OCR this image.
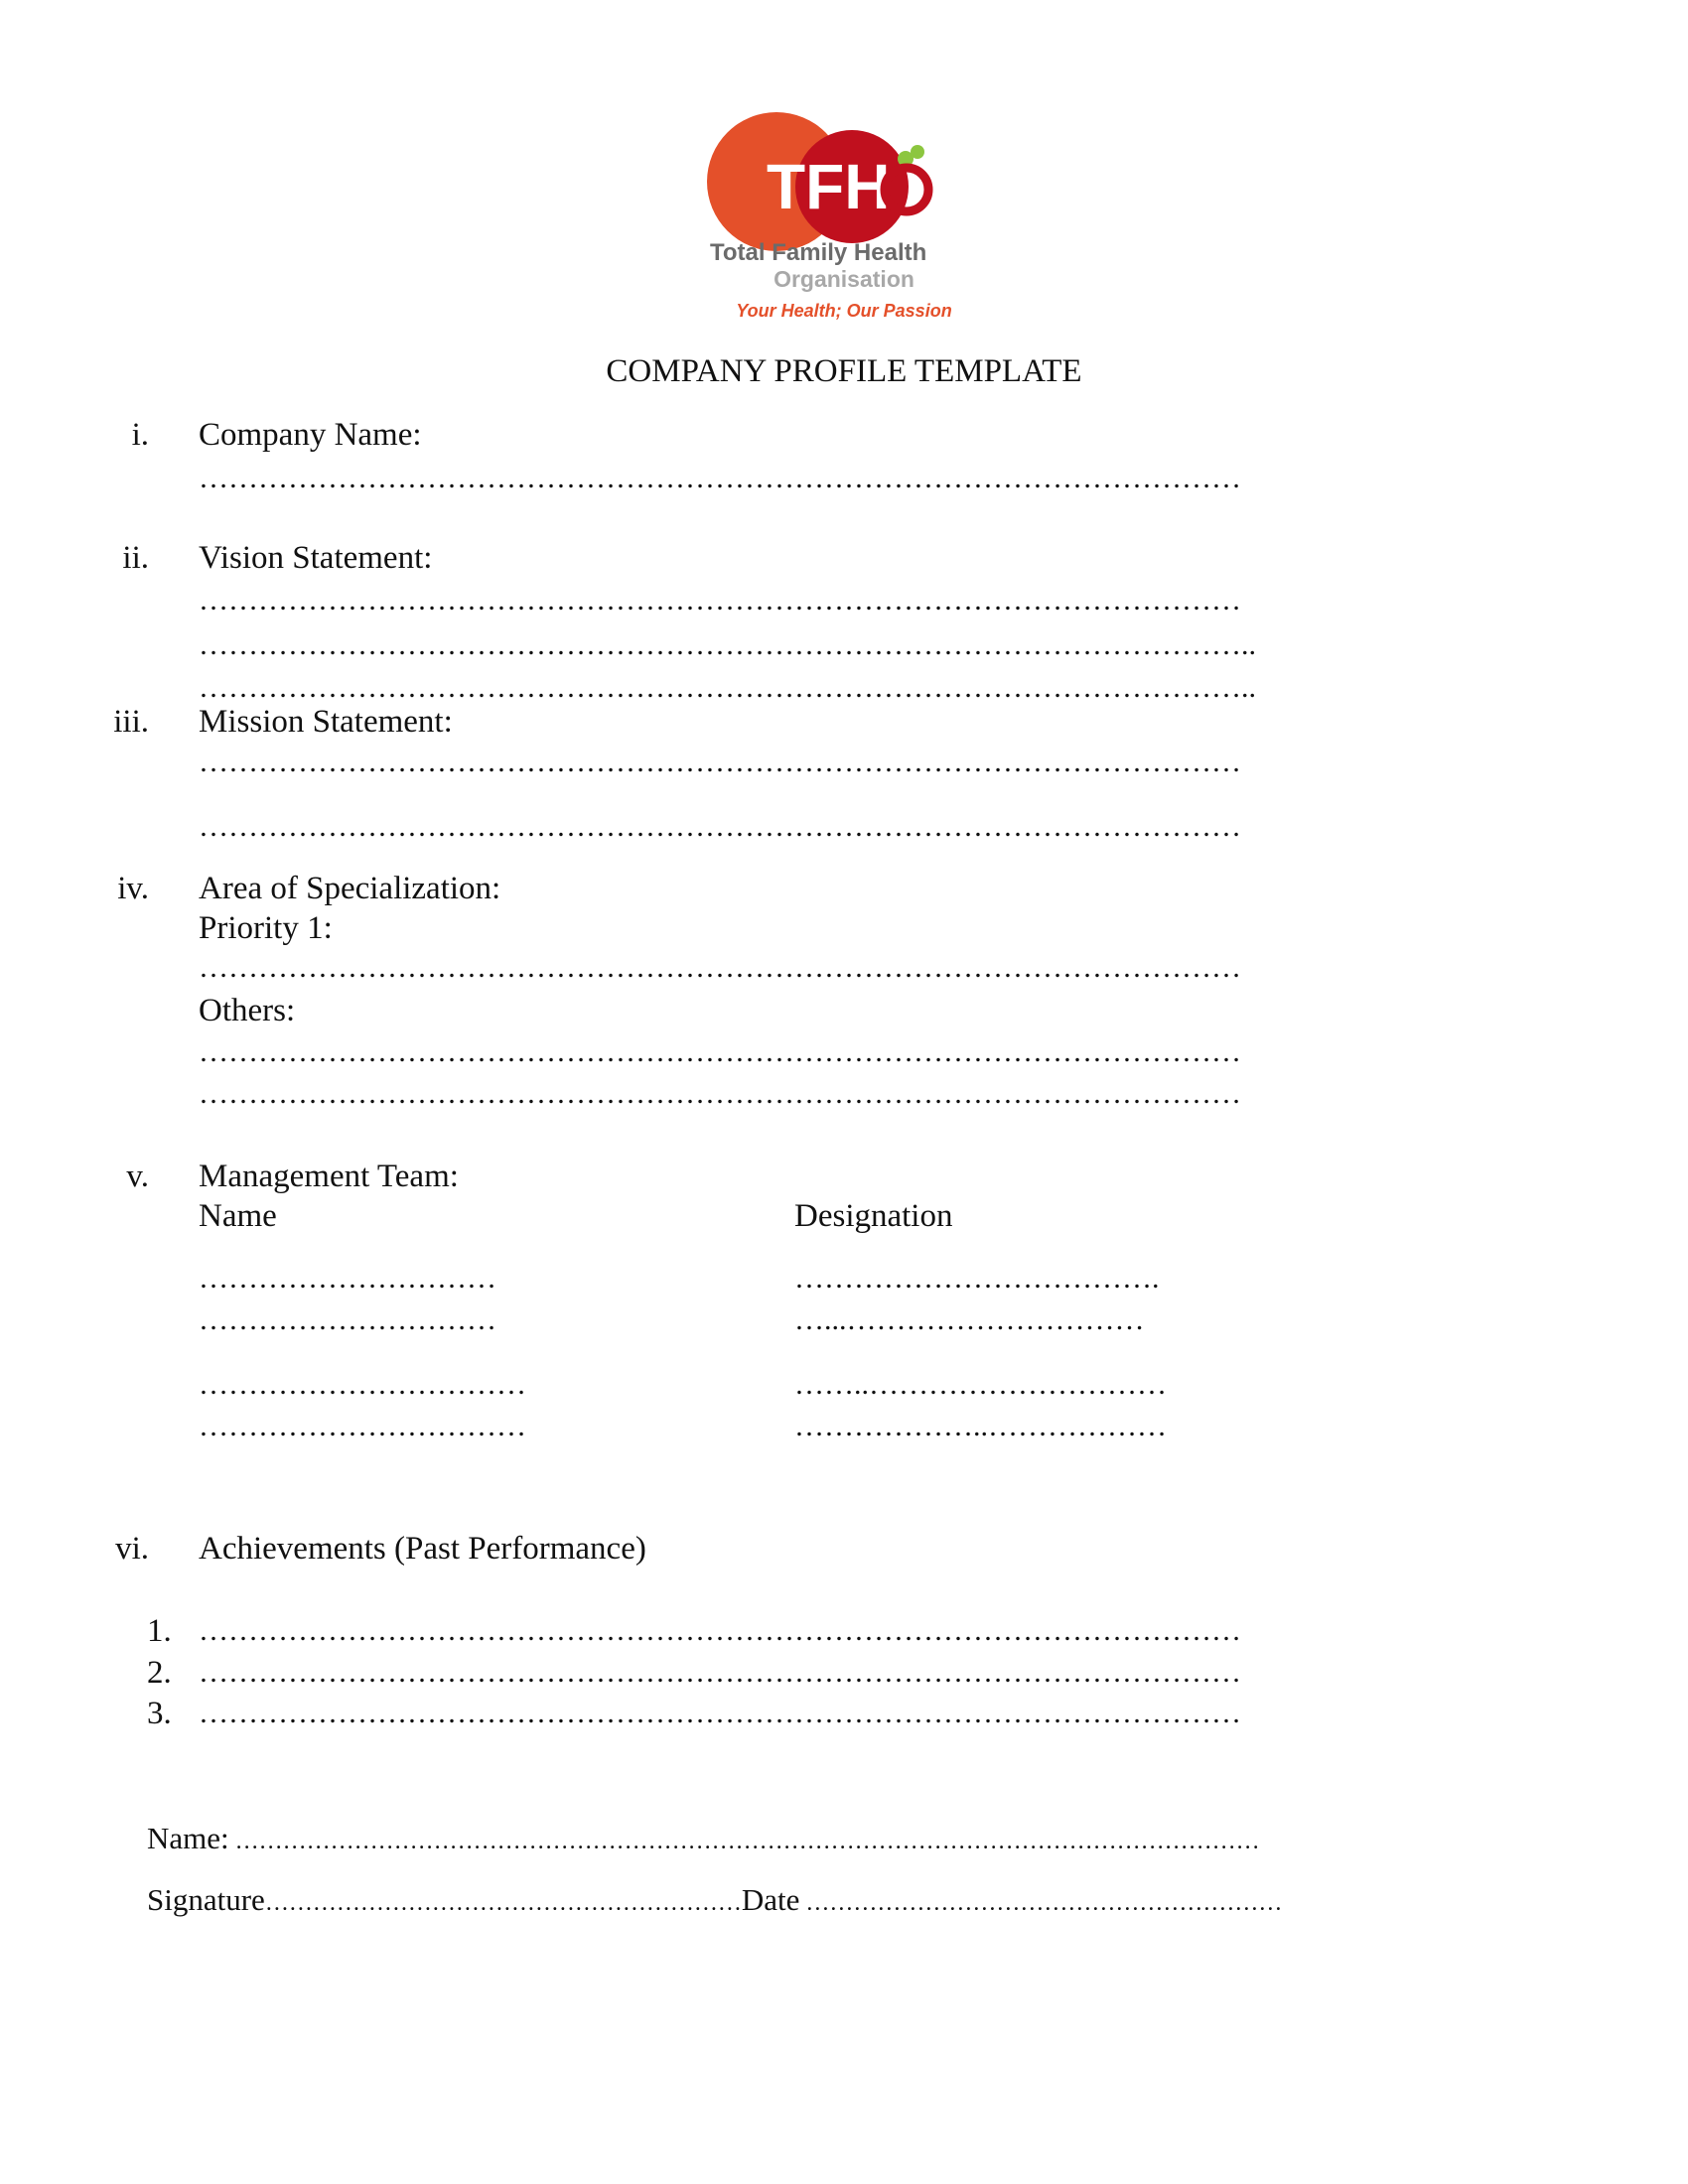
TFH
Total Family Health
Organisation
Your Health; Our Passion
COMPANY PROFILE TEMPLATE
i. Company Name:
……………………………………………………………………………………………
ii. Vision Statement:
……………………………………………………………………………………………
……………………………………………………………………………………………..
……………………………………………………………………………………………..
iii. Mission Statement:
……………………………………………………………………………………………
……………………………………………………………………………………………
iv. Area of Specialization:
Priority 1:
……………………………………………………………………………………………
Others:
……………………………………………………………………………………………
……………………………………………………………………………………………
v. Management Team:
Name	Designation
…………………………	……………………………….
…………………………	…...…………………………
……………………………	……..…………………………
……………………………	………………..………………
vi. Achievements (Past Performance)
1. ……………………………………………………………………………………………
2. ……………………………………………………………………………………………
3. ……………………………………………………………………………………………
Name: …………………………………………………………………………………………………………………
Signature……………………………………………………Date ……………………………………………………
